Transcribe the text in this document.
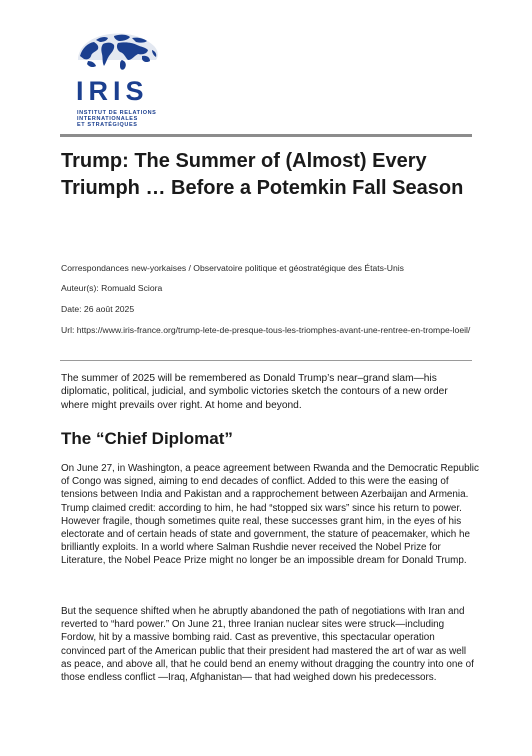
IRIS
INSTITUT DE RELATIONS
INTERNATIONALES
ET STRATÉGIQUES
Trump: The Summer of (Almost) Every Triumph … Before a Potemkin Fall Season
Correspondances new-yorkaises / Observatoire politique et géostratégique des États-Unis
Auteur(s): Romuald Sciora
Date: 26 août 2025
Url: https://www.iris-france.org/trump-lete-de-presque-tous-les-triomphes-avant-une-rentree-en-trompe-loeil/
The summer of 2025 will be remembered as Donald Trump’s near–grand slam—his diplomatic, political, judicial, and symbolic victories sketch the contours of a new order where might prevails over right. At home and beyond.
The “Chief Diplomat”
On June 27, in Washington, a peace agreement between Rwanda and the Democratic Republic of Congo was signed, aiming to end decades of conflict. Added to this were the easing of tensions between India and Pakistan and a rapprochement between Azerbaijan and Armenia. Trump claimed credit: according to him, he had “stopped six wars” since his return to power. However fragile, though sometimes quite real, these successes grant him, in the eyes of his electorate and of certain heads of state and government, the stature of peacemaker, which he brilliantly exploits. In a world where Salman Rushdie never received the Nobel Prize for Literature, the Nobel Peace Prize might no longer be an impossible dream for Donald Trump.
But the sequence shifted when he abruptly abandoned the path of negotiations with Iran and reverted to “hard power.” On June 21, three Iranian nuclear sites were struck—including Fordow, hit by a massive bombing raid. Cast as preventive, this spectacular operation convinced part of the American public that their president had mastered the art of war as well as peace, and above all, that he could bend an enemy without dragging the country into one of those endless conflict —Iraq, Afghanistan— that had weighed down his predecessors.
